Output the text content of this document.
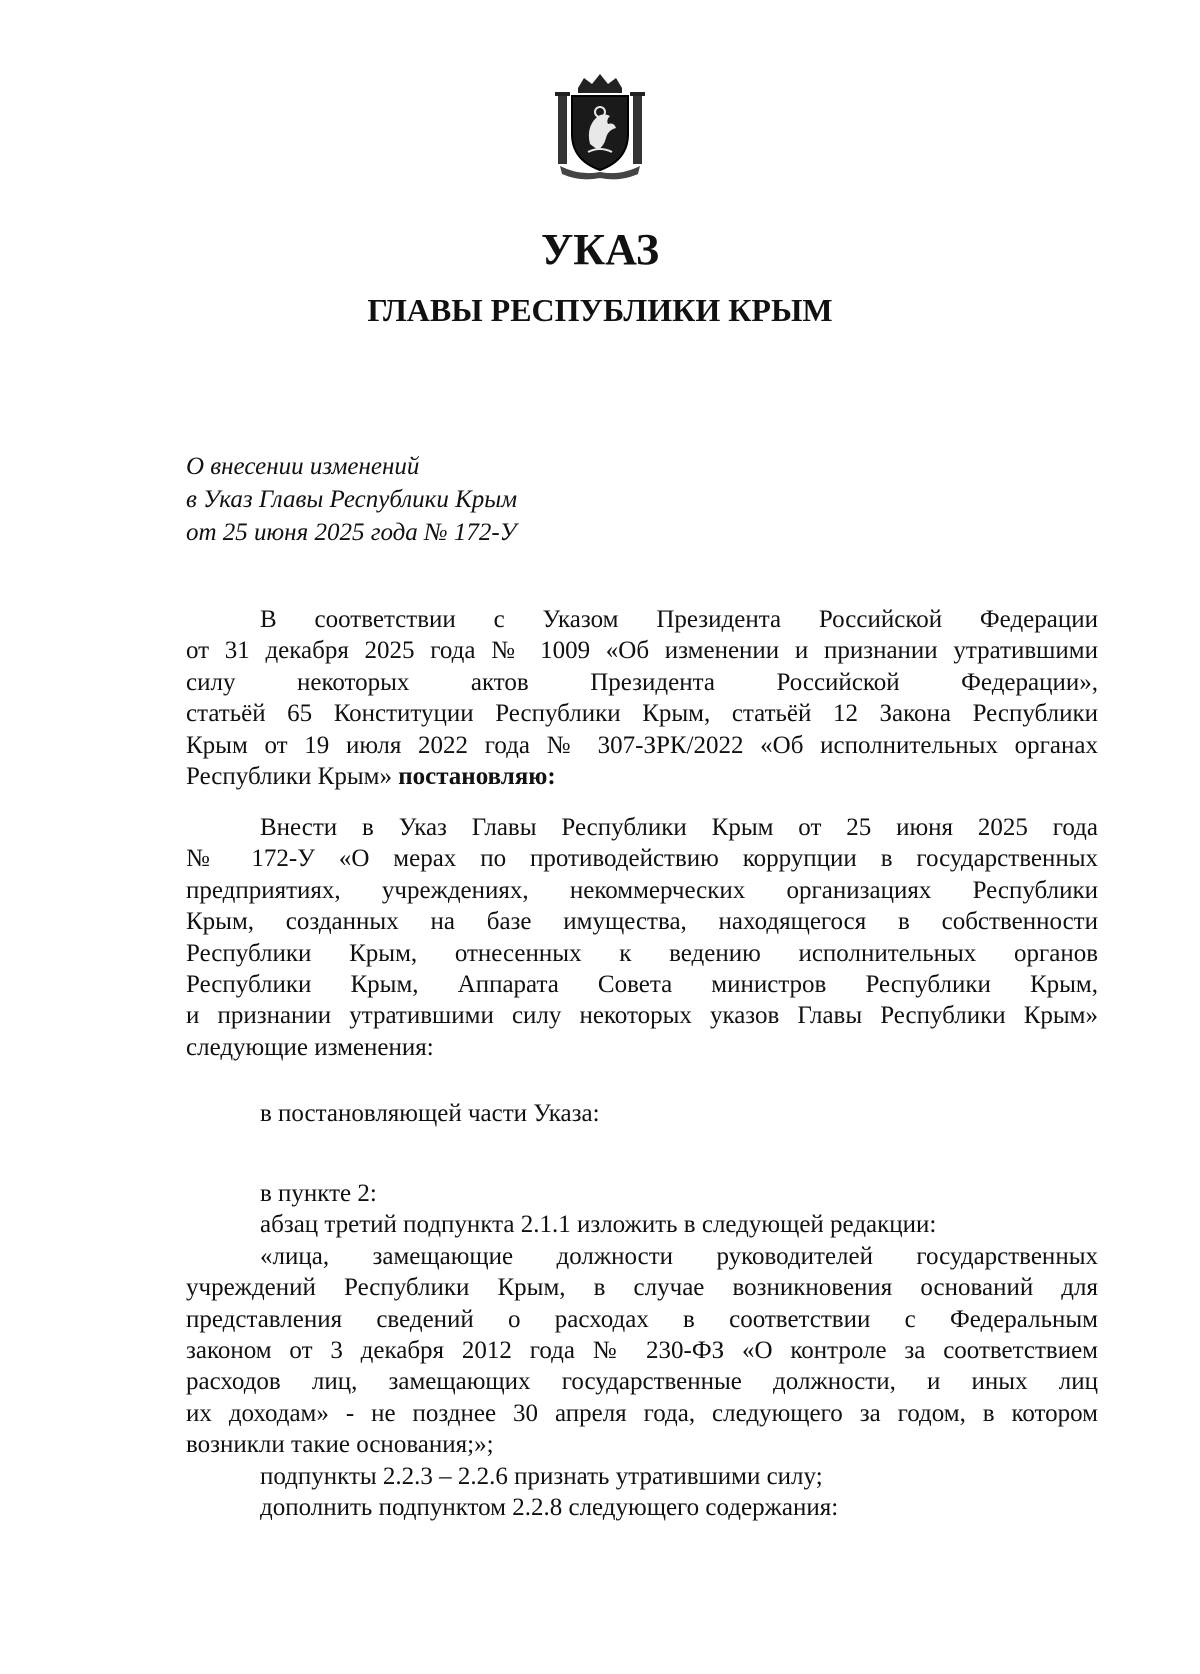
УКАЗ
ГЛАВЫ РЕСПУБЛИКИ КРЫМ
О внесении изменений
в Указ Главы Республики Крым
от 25 июня 2025 года № 172-У
В соответствии с Указом Президента Российской Федерации
от 31 декабря 2025 года № 1009 «Об изменении и признании утратившими
силу некоторых актов Президента Российской Федерации»,
статьёй 65 Конституции Республики Крым, статьёй 12 Закона Республики
Крым от 19 июля 2022 года № 307-ЗРК/2022 «Об исполнительных органах
Республики Крым» постановляю:
Внести в Указ Главы Республики Крым от 25 июня 2025 года
№ 172-У «О мерах по противодействию коррупции в государственных
предприятиях, учреждениях, некоммерческих организациях Республики
Крым, созданных на базе имущества, находящегося в собственности
Республики Крым, отнесенных к ведению исполнительных органов
Республики Крым, Аппарата Совета министров Республики Крым,
и признании утратившими силу некоторых указов Главы Республики Крым»
следующие изменения:
в постановляющей части Указа:
в пункте 2:
абзац третий подпункта 2.1.1 изложить в следующей редакции:
«лица, замещающие должности руководителей государственных
учреждений Республики Крым, в случае возникновения оснований для
представления сведений о расходах в соответствии с Федеральным
законом от 3 декабря 2012 года № 230-ФЗ «О контроле за соответствием
расходов лиц, замещающих государственные должности, и иных лиц
их доходам» - не позднее 30 апреля года, следующего за годом, в котором
возникли такие основания;»;
подпункты 2.2.3 – 2.2.6 признать утратившими силу;
дополнить подпунктом 2.2.8 следующего содержания:
